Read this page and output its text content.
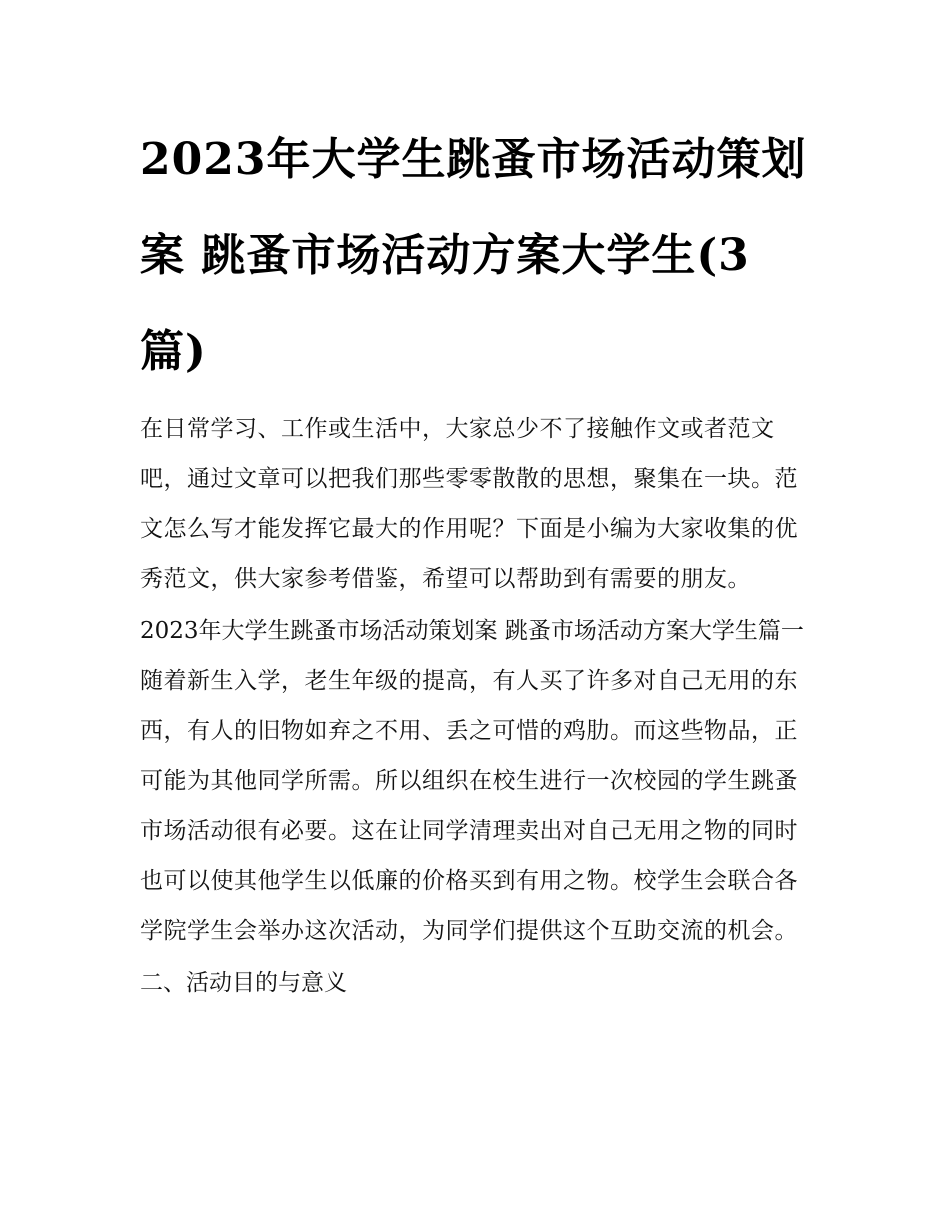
2023年大学生跳蚤市场活动策划案 跳蚤市场活动方案大学生(3篇)

在日常学习、工作或生活中，大家总少不了接触作文或者范文吧，通过文章可以把我们那些零零散散的思想，聚集在一块。范文怎么写才能发挥它最大的作用呢？下面是小编为大家收集的优秀范文，供大家参考借鉴，希望可以帮助到有需要的朋友。

2023年大学生跳蚤市场活动策划案 跳蚤市场活动方案大学生篇一

随着新生入学，老生年级的提高，有人买了许多对自己无用的东西，有人的旧物如弃之不用、丢之可惜的鸡肋。而这些物品，正可能为其他同学所需。所以组织在校生进行一次校园的学生跳蚤市场活动很有必要。这在让同学清理卖出对自己无用之物的同时也可以使其他学生以低廉的价格买到有用之物。校学生会联合各学院学生会举办这次活动，为同学们提供这个互助交流的机会。

二、活动目的与意义
